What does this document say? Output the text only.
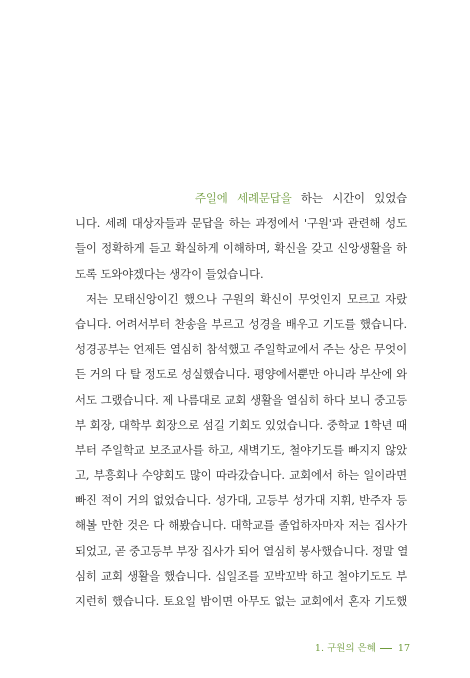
주일에 세례문답을 하는 시간이 있었습
니다. 세례 대상자들과 문답을 하는 과정에서 '구원'과 관련해 성도
들이 정확하게 듣고 확실하게 이해하며, 확신을 갖고 신앙생활을 하
도록 도와야겠다는 생각이 들었습니다.
저는 모태신앙이긴 했으나 구원의 확신이 무엇인지 모르고 자랐
습니다. 어려서부터 찬송을 부르고 성경을 배우고 기도를 했습니다.
성경공부는 언제든 열심히 참석했고 주일학교에서 주는 상은 무엇이
든 거의 다 탈 정도로 성실했습니다. 평양에서뿐만 아니라 부산에 와
서도 그랬습니다. 제 나름대로 교회 생활을 열심히 하다 보니 중고등
부 회장, 대학부 회장으로 섬길 기회도 있었습니다. 중학교 1학년 때
부터 주일학교 보조교사를 하고, 새벽기도, 철야기도를 빠지지 않았
고, 부흥회나 수양회도 많이 따라갔습니다. 교회에서 하는 일이라면
빠진 적이 거의 없었습니다. 성가대, 고등부 성가대 지휘, 반주자 등
해볼 만한 것은 다 해봤습니다. 대학교를 졸업하자마자 저는 집사가
되었고, 곧 중고등부 부장 집사가 되어 열심히 봉사했습니다. 정말 열
심히 교회 생활을 했습니다. 십일조를 꼬박꼬박 하고 철야기도도 부
지런히 했습니다. 토요일 밤이면 아무도 없는 교회에서 혼자 기도했
1. 구원의 은혜 17
